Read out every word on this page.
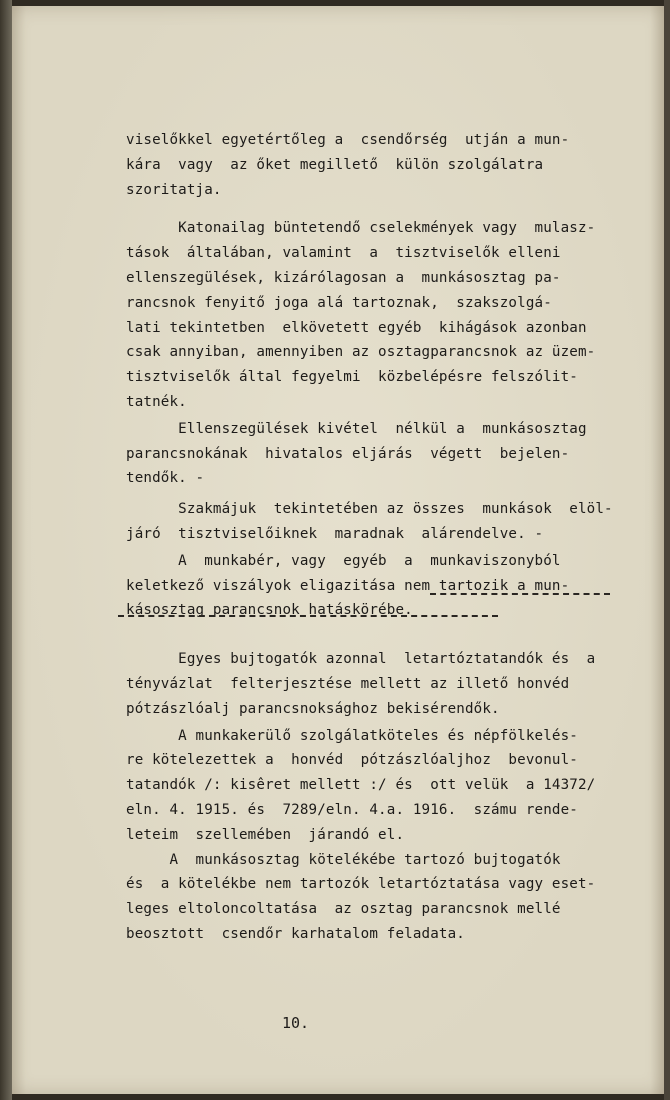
viselőkkel egyetértőleg a  csendőrség  utján a mun-
kára  vagy  az őket megillető  külön szolgálatra
szoritatja.
Katonailag büntetendő cselekmények vagy  mulasz-
tások  általában, valamint  a  tisztviselők elleni
ellenszegülések, kizárólagosan a  munkásosztag pa-
rancsnok fenyitő joga alá tartoznak,  szakszolgá-
lati tekintetben  elkövetett egyéb  kihágások azonban
csak annyiban, amennyiben az osztagparancsnok az üzem-
tisztviselők által fegyelmi  közbelépésre felszólit-
tatnék.
Ellenszegülések kivétel  nélkül a  munkásosztag
parancsnokának  hivatalos eljárás  végett  bejelen-
tendők. -
Szakmájuk  tekintetében az összes  munkások  elöl-
járó  tisztviselőiknek  maradnak  alárendelve. -
A  munkabér, vagy  egyéb  a  munkaviszonyból
keletkező viszályok eligazitása nem tartozik a mun-
kásosztag parancsnok hatáskörébe.
Egyes bujtogatók azonnal  letartóztatandók és  a
tényvázlat  felterjesztése mellett az illető honvéd
pótzászlóalj parancsnoksághoz bekisérendők.
A munkakerülő szolgálatköteles és népfölkelés-
re kötelezettek a  honvéd  pótzászlóaljhoz  bevonul-
tatandók /: kisêret mellett :/ és  ott velük  a 14372/
eln. 4. 1915. és  7289/eln. 4.a. 1916.  számu rende-
leteim  szellemében  járandó el.
A  munkásosztag kötelékébe tartozó bujtogatók
és  a kötelékbe nem tartozók letartóztatása vagy eset-
leges eltoloncoltatása  az osztag parancsnok mellé
beosztott  csendőr karhatalom feladata.
10.
